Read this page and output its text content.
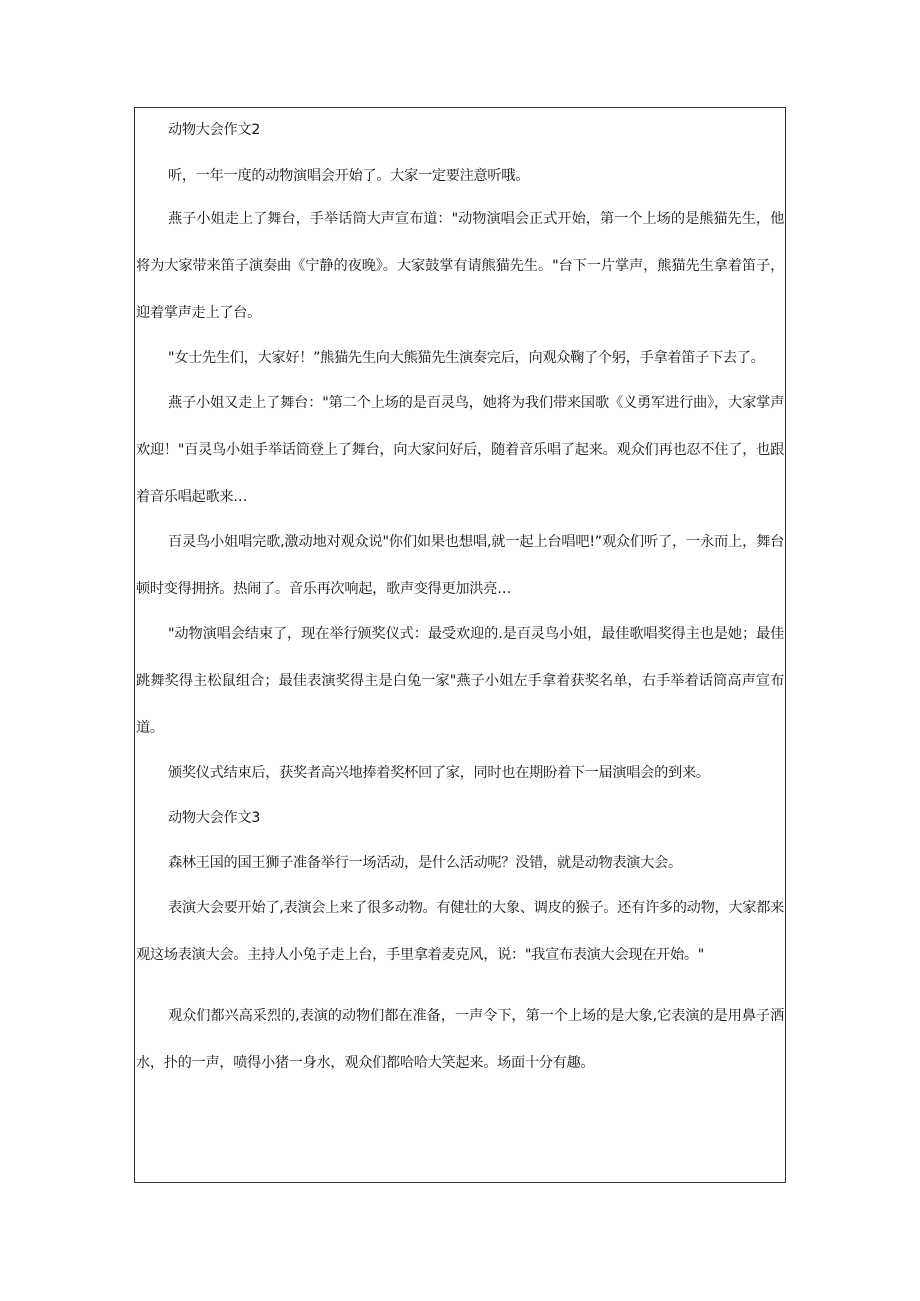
动物大会作文2

听，一年一度的动物演唱会开始了。大家一定要注意听哦。

燕子小姐走上了舞台，手举话筒大声宣布道："动物演唱会正式开始，第一个上场的是熊猫先生，他将为大家带来笛子演奏曲《宁静的夜晚》。大家鼓掌有请熊猫先生。"台下一片掌声，熊猫先生拿着笛子，迎着掌声走上了台。

"女士先生们，大家好！”熊猫先生向大熊猫先生演奏完后，向观众鞠了个躬，手拿着笛子下去了。

燕子小姐又走上了舞台："第二个上场的是百灵鸟，她将为我们带来国歌《义勇军进行曲》，大家掌声欢迎！"百灵鸟小姐手举话筒登上了舞台，向大家问好后，随着音乐唱了起来。观众们再也忍不住了，也跟着音乐唱起歌来…

百灵鸟小姐唱完歌,激动地对观众说"你们如果也想唱,就一起上台唱吧!”观众们听了，一永而上，舞台顿时变得拥挤。热闹了。音乐再次响起，歌声变得更加洪亮…

"动物演唱会结束了，现在举行颁奖仪式：最受欢迎的.是百灵鸟小姐，最佳歌唱奖得主也是她；最佳跳舞奖得主松鼠组合；最佳表演奖得主是白兔一家"燕子小姐左手拿着获奖名单，右手举着话筒高声宣布道。

颁奖仪式结束后，获奖者高兴地捧着奖杯回了家，同时也在期盼着下一届演唱会的到来。

动物大会作文3

森林王国的国王狮子准备举行一场活动，是什么活动呢？没错，就是动物表演大会。

表演大会要开始了,表演会上来了很多动物。有健壮的大象、调皮的猴子。还有许多的动物，大家都来观这场表演大会。主持人小兔子走上台，手里拿着麦克风，说："我宣布表演大会现在开始。"

观众们都兴高采烈的,表演的动物们都在准备，一声令下，第一个上场的是大象,它表演的是用鼻子洒水，扑的一声，喷得小猪一身水，观众们都哈哈大笑起来。场面十分有趣。
